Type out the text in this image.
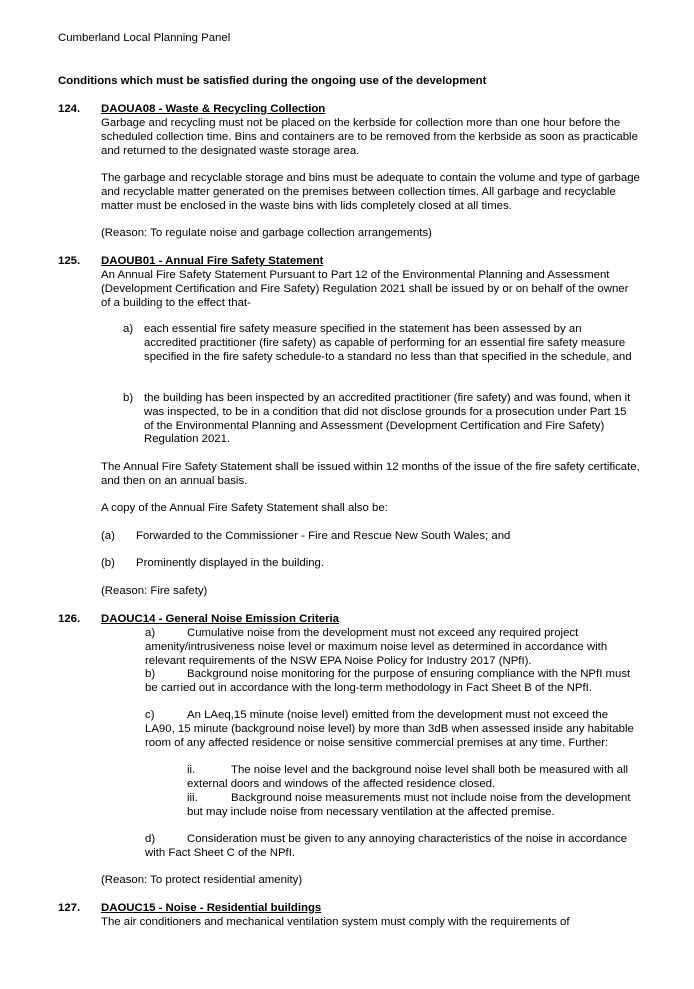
Cumberland Local Planning Panel
Conditions which must be satisfied during the ongoing use of the development
124. DAOUA08 - Waste & Recycling Collection

Garbage and recycling must not be placed on the kerbside for collection more than one hour before the scheduled collection time. Bins and containers are to be removed from the kerbside as soon as practicable and returned to the designated waste storage area.

The garbage and recyclable storage and bins must be adequate to contain the volume and type of garbage and recyclable matter generated on the premises between collection times. All garbage and recyclable matter must be enclosed in the waste bins with lids completely closed at all times.

(Reason: To regulate noise and garbage collection arrangements)

125. DAOUB01 - Annual Fire Safety Statement

An Annual Fire Safety Statement Pursuant to Part 12 of the Environmental Planning and Assessment (Development Certification and Fire Safety) Regulation 2021 shall be issued by or on behalf of the owner of a building to the effect that-

a) each essential fire safety measure specified in the statement has been assessed by an accredited practitioner (fire safety) as capable of performing for an essential fire safety measure specified in the fire safety schedule-to a standard no less than that specified in the schedule, and
b) the building has been inspected by an accredited practitioner (fire safety) and was found, when it was inspected, to be in a condition that did not disclose grounds for a prosecution under Part 15 of the Environmental Planning and Assessment (Development Certification and Fire Safety) Regulation 2021.

The Annual Fire Safety Statement shall be issued within 12 months of the issue of the fire safety certificate, and then on an annual basis.

A copy of the Annual Fire Safety Statement shall also be:

(a) Forwarded to the Commissioner - Fire and Rescue New South Wales; and
(b) Prominently displayed in the building.

(Reason: Fire safety)

126. DAOUC14 - General Noise Emission Criteria
a)	Cumulative noise from the development must not exceed any required project amenity/intrusiveness noise level or maximum noise level as determined in accordance with relevant requirements of the NSW EPA Noise Policy for Industry 2017 (NPfI).
b)	Background noise monitoring for the purpose of ensuring compliance with the NPfI must be carried out in accordance with the long-term methodology in Fact Sheet B of the NPfI.
c)	An LAeq,15 minute (noise level) emitted from the development must not exceed the LA90, 15 minute (background noise level) by more than 3dB when assessed inside any habitable room of any affected residence or noise sensitive commercial premises at any time. Further:
ii.	The noise level and the background noise level shall both be measured with all external doors and windows of the affected residence closed.
iii.	Background noise measurements must not include noise from the development but may include noise from necessary ventilation at the affected premise.
d)	Consideration must be given to any annoying characteristics of the noise in accordance with Fact Sheet C of the NPfI.

(Reason: To protect residential amenity)

127. DAOUC15 - Noise - Residential buildings

The air conditioners and mechanical ventilation system must comply with the requirements of
